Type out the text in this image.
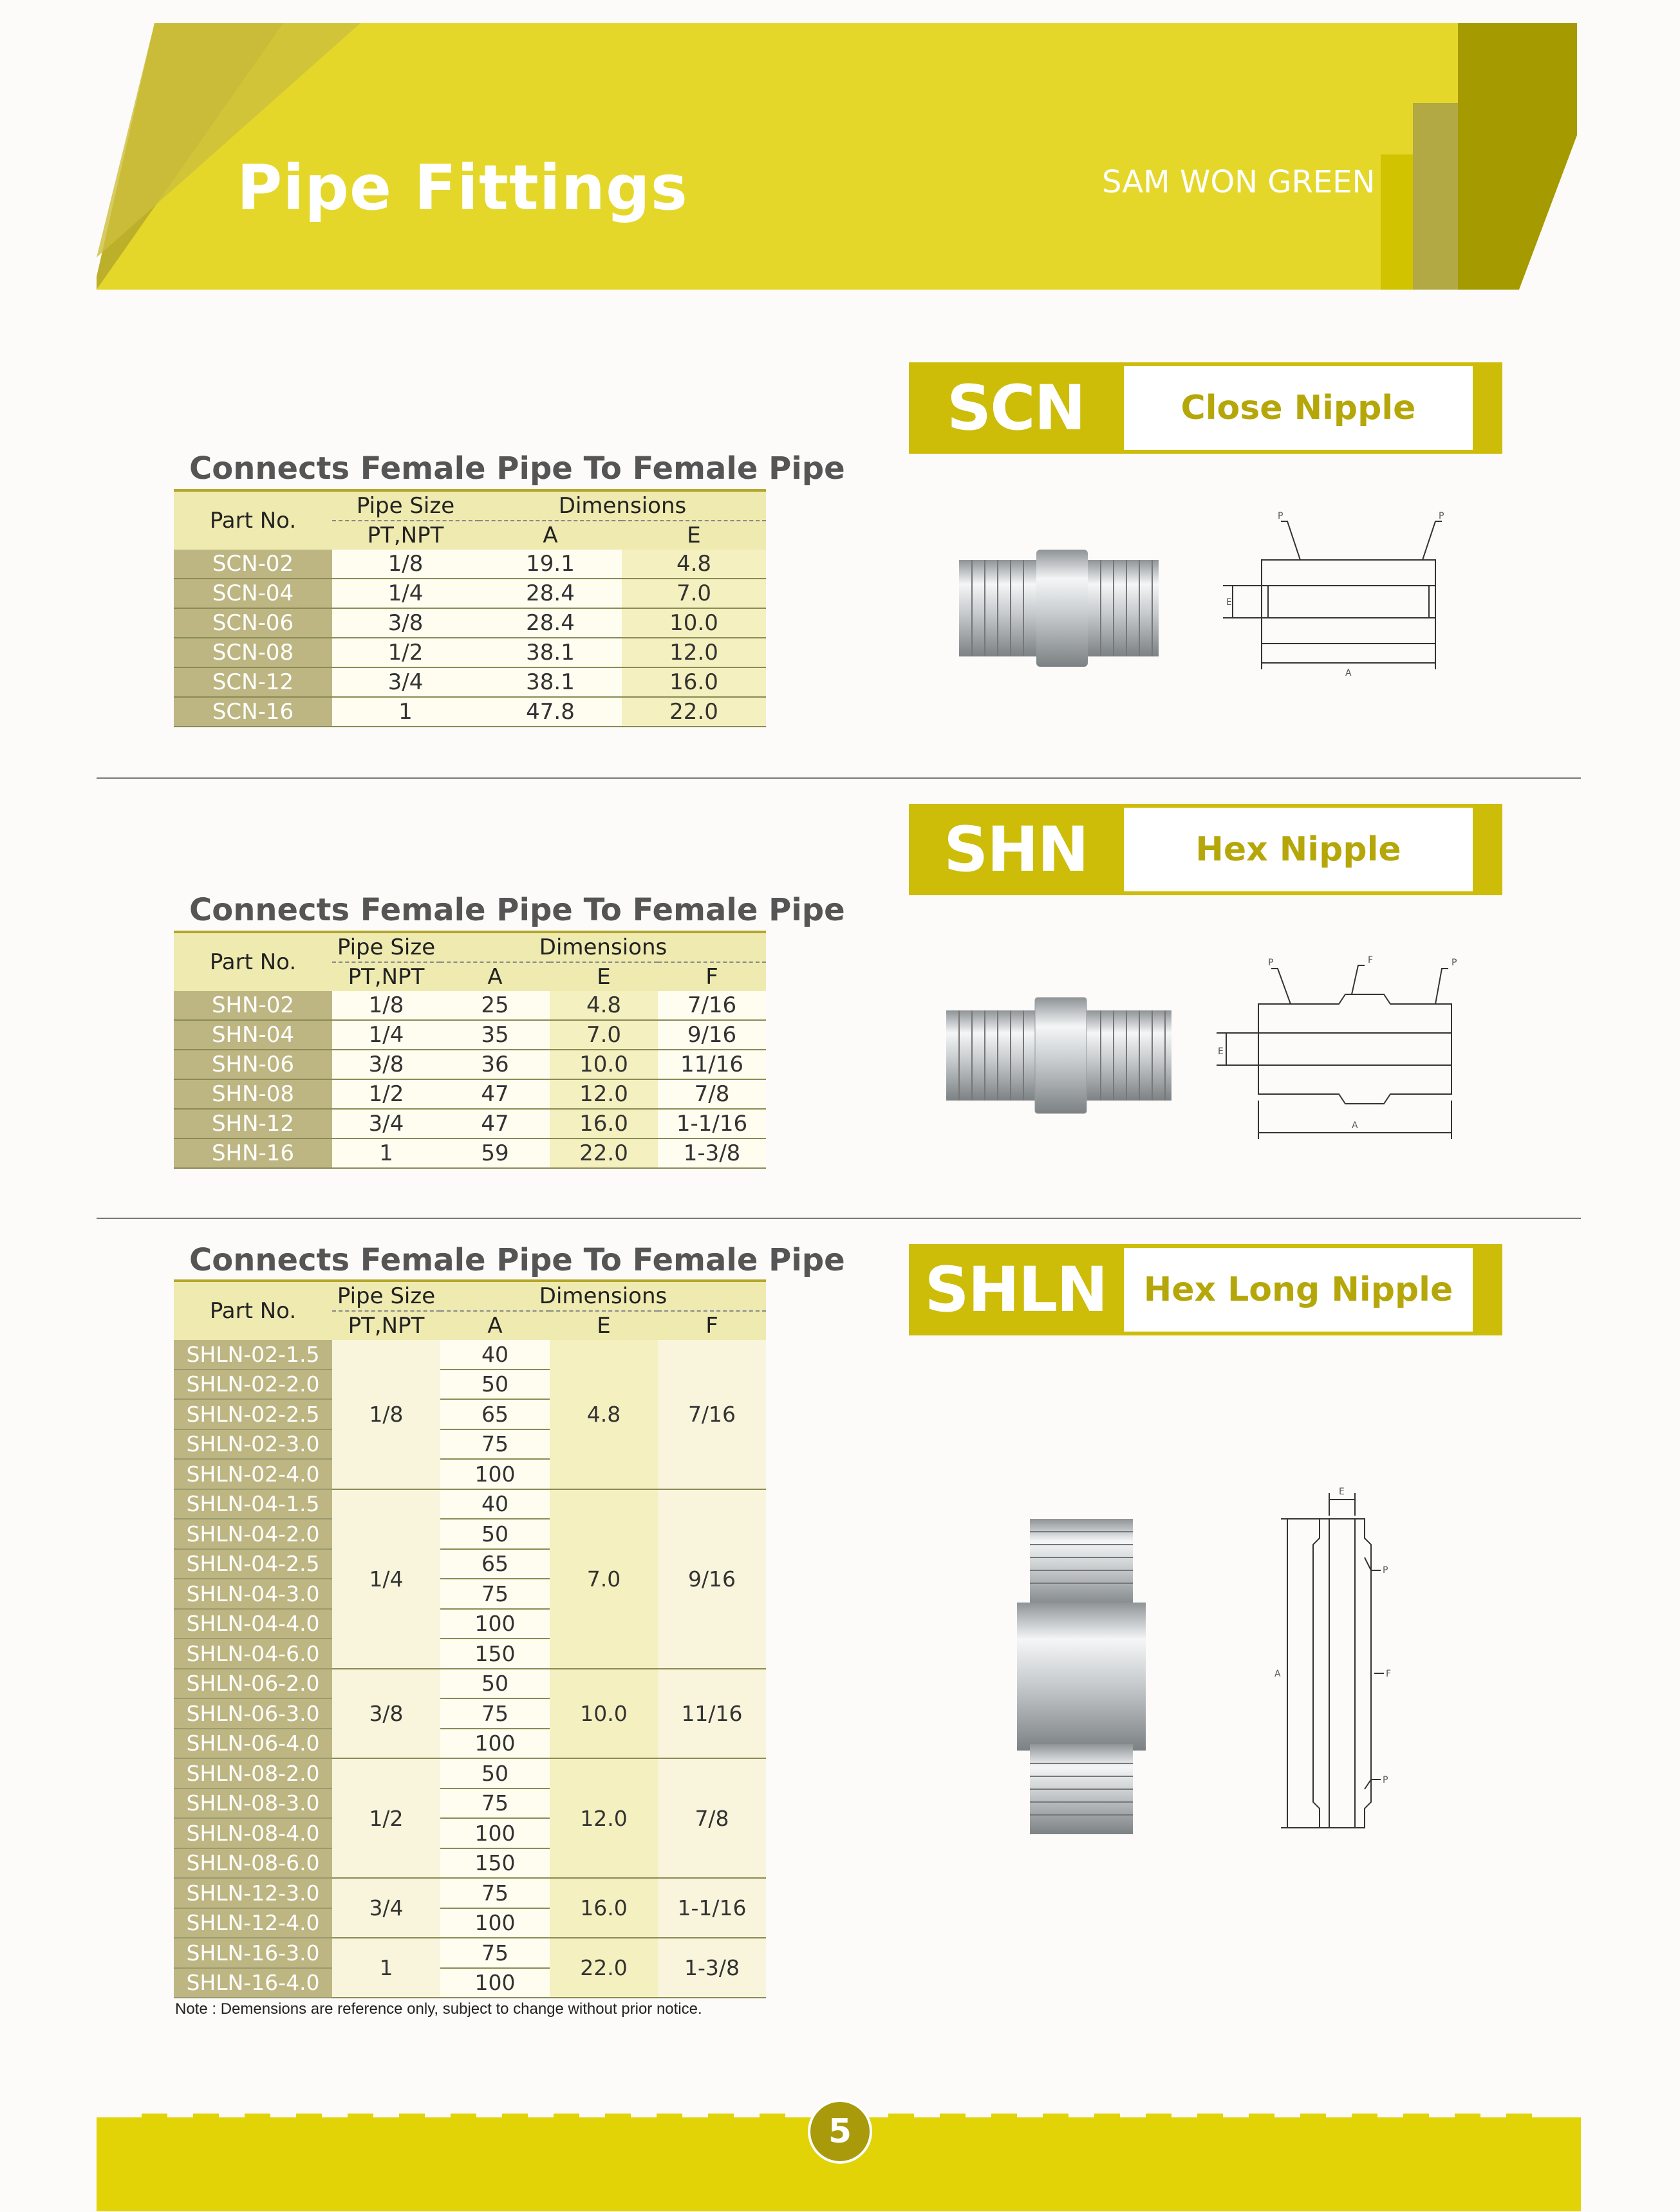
Pipe Fittings	SAM WON GREEN
SCN	Close Nipple
Connects Female Pipe To Female Pipe
Part No.	Pipe Size	Dimensions	
	PT,NPT	A	E
SCN-02	1/8	19.1	4.8
SCN-04	1/4	28.4	7.0
SCN-06	3/8	28.4	10.0
SCN-08	1/2	38.1	12.0
SCN-12	3/4	38.1	16.0
SCN-16	1	47.8	22.0
P	P
A
E
SHN	Hex Nipple
Connects Female Pipe To Female Pipe
Part No.	Pipe Size	Dimensions		
	PT,NPT	A	E	F
SHN-02	1/8	25	4.8	7/16
SHN-04	1/4	35	7.0	9/16
SHN-06	3/8	36	10.0	11/16
SHN-08	1/2	47	12.0	7/8
SHN-12	3/4	47	16.0	1-1/16
SHN-16	1	59	22.0	1-3/8
P	F	P
A
E
SHLN	Hex Long Nipple
Connects Female Pipe To Female Pipe
Part No.	Pipe Size	Dimensions		
	PT,NPT	A	E	F
SHLN-02-1.5	1/8	40	4.8	7/16
SHLN-02-2.0		50		
SHLN-02-2.5		65		
SHLN-02-3.0		75		
SHLN-02-4.0		100		
SHLN-04-1.5	1/4	40	7.0	9/16
SHLN-04-2.0		50		
SHLN-04-2.5		65		
SHLN-04-3.0		75		
SHLN-04-4.0		100		
SHLN-04-6.0		150		
SHLN-06-2.0	3/8	50	10.0	11/16
SHLN-06-3.0		75		
SHLN-06-4.0		100		
SHLN-08-2.0	1/2	50	12.0	7/8
SHLN-08-3.0		75		
SHLN-08-4.0		100		
SHLN-08-6.0		150		
SHLN-12-3.0	3/4	75	16.0	1-1/16
SHLN-12-4.0		100		
SHLN-16-3.0	1	75	22.0	1-3/8
SHLN-16-4.0		100		
E
P
F
P
A
Note : Demensions are reference only, subject to change without prior notice.
5
